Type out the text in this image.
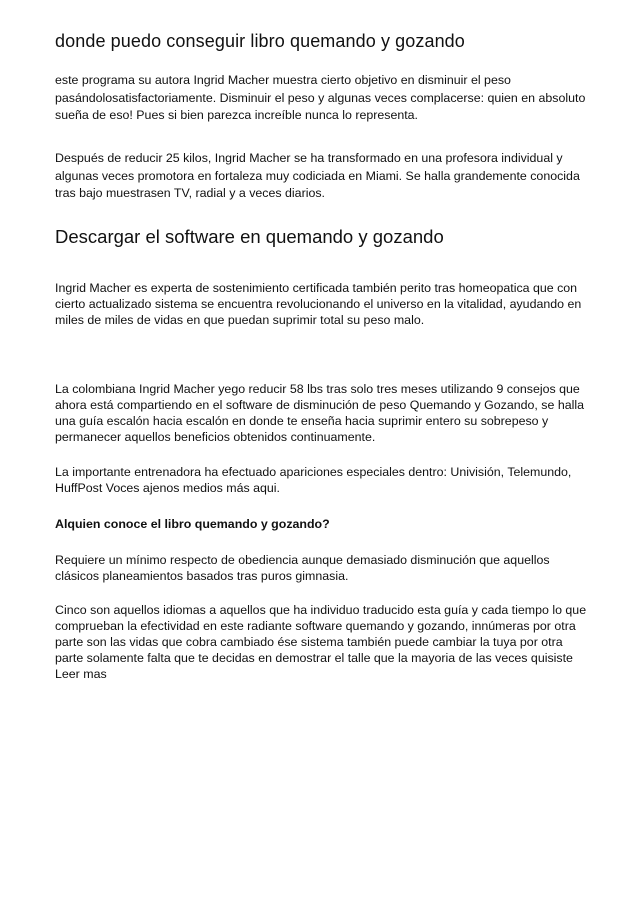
donde puedo conseguir libro quemando y gozando

este programa su autora Ingrid Macher muestra cierto objetivo en disminuir el peso pasándolosatisfactoriamente. Disminuir el peso y algunas veces complacerse: quien en absoluto sueña de eso! Pues si bien parezca increíble nunca lo representa.

Después de reducir 25 kilos, Ingrid Macher se ha transformado en una profesora individual y algunas veces promotora en fortaleza muy codiciada en Miami. Se halla grandemente conocida tras bajo muestrasen TV, radial y a veces diarios.

Descargar el software en quemando y gozando

Ingrid Macher es experta de sostenimiento certificada también perito tras homeopatica que con cierto actualizado sistema se encuentra revolucionando el universo en la vitalidad, ayudando en miles de miles de vidas en que puedan suprimir total su peso malo.

La colombiana Ingrid Macher yego reducir 58 lbs tras solo tres meses utilizando 9 consejos que ahora está compartiendo en el software de disminución de peso Quemando y Gozando, se halla una guía escalón hacia escalón en donde te enseña hacia suprimir entero su sobrepeso y permanecer aquellos beneficios obtenidos continuamente.

La importante entrenadora ha efectuado apariciones especiales dentro: Univisión, Telemundo, HuffPost Voces ajenos medios más aqui.

Alquien conoce el libro quemando y gozando?

Requiere un mínimo respecto de obediencia aunque demasiado disminución que aquellos clásicos planeamientos basados tras puros gimnasia.

Cinco son aquellos idiomas a aquellos que ha individuo traducido esta guía y cada tiempo lo que comprueban la efectividad en este radiante software quemando y gozando, innúmeras por otra parte son las vidas que cobra cambiado ése sistema también puede cambiar la tuya por otra parte solamente falta que te decidas en demostrar el talle que la mayoria de las veces quisiste Leer mas
